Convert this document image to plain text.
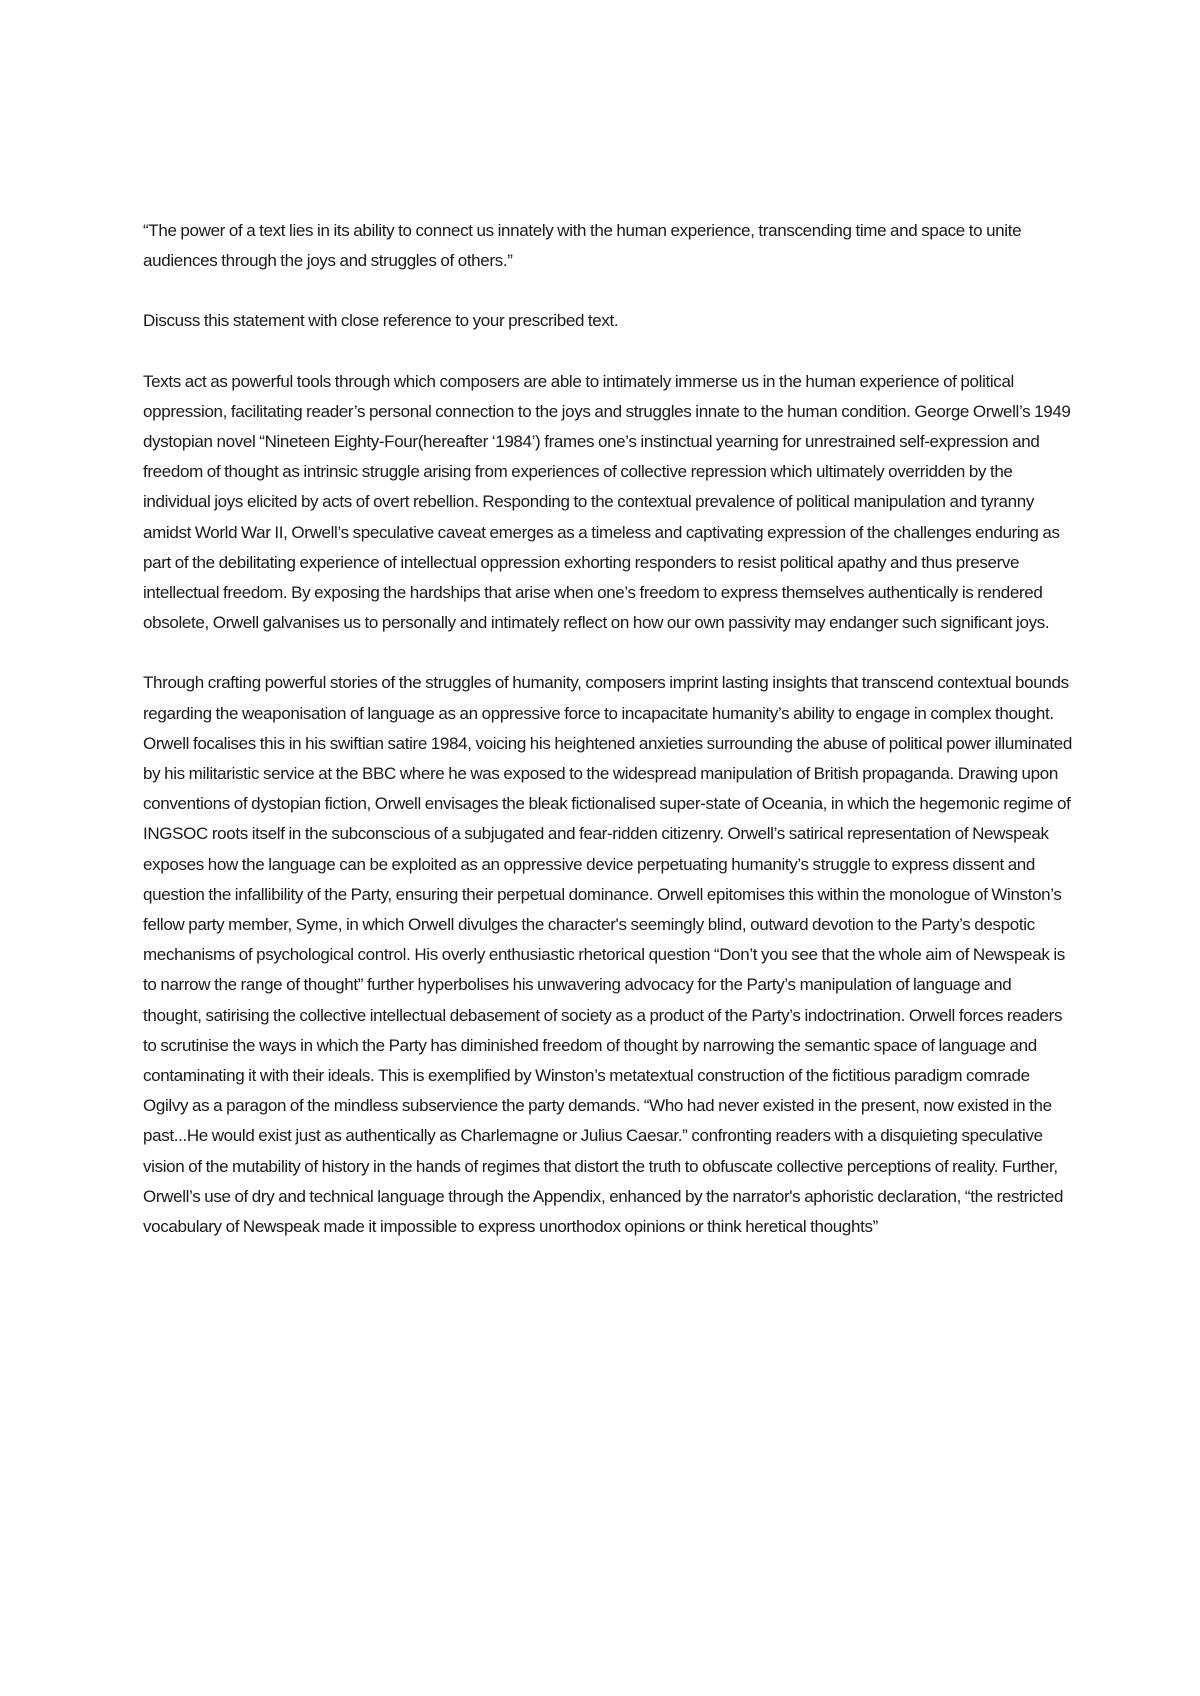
“The power of a text lies in its ability to connect us innately with the human experience, transcending time and space to unite audiences through the joys and struggles of others.”

Discuss this statement with close reference to your prescribed text.

Texts act as powerful tools through which composers are able to intimately immerse us in the human experience of political oppression, facilitating reader’s personal connection to the joys and struggles innate to the human condition. George Orwell’s 1949 dystopian novel “Nineteen Eighty-Four(hereafter ‘1984’) frames one’s instinctual yearning for unrestrained self-expression and freedom of thought as intrinsic struggle arising from experiences of collective repression which ultimately overridden by the individual joys elicited by acts of overt rebellion. Responding to the contextual prevalence of political manipulation and tyranny amidst World War II, Orwell’s speculative caveat emerges as a timeless and captivating expression of the challenges enduring as part of the debilitating experience of intellectual oppression exhorting responders to resist political apathy and thus preserve intellectual freedom. By exposing the hardships that arise when one’s freedom to express themselves authentically is rendered obsolete, Orwell galvanises us to personally and intimately reflect on how our own passivity may endanger such significant joys.

Through crafting powerful stories of the struggles of humanity, composers imprint lasting insights that transcend contextual bounds regarding the weaponisation of language as an oppressive force to incapacitate humanity’s ability to engage in complex thought. Orwell focalises this in his swiftian satire 1984, voicing his heightened anxieties surrounding the abuse of political power illuminated by his militaristic service at the BBC where he was exposed to the widespread manipulation of British propaganda. Drawing upon conventions of dystopian fiction, Orwell envisages the bleak fictionalised super-state of Oceania, in which the hegemonic regime of INGSOC roots itself in the subconscious of a subjugated and fear-ridden citizenry. Orwell’s satirical representation of Newspeak exposes how the language can be exploited as an oppressive device perpetuating humanity’s struggle to express dissent and question the infallibility of the Party, ensuring their perpetual dominance. Orwell epitomises this within the monologue of Winston’s fellow party member, Syme, in which Orwell divulges the character's seemingly blind, outward devotion to the Party’s despotic mechanisms of psychological control. His overly enthusiastic rhetorical question “Don’t you see that the whole aim of Newspeak is to narrow the range of thought” further hyperbolises his unwavering advocacy for the Party’s manipulation of language and thought, satirising the collective intellectual debasement of society as a product of the Party’s indoctrination. Orwell forces readers to scrutinise the ways in which the Party has diminished freedom of thought by narrowing the semantic space of language and contaminating it with their ideals. This is exemplified by Winston’s metatextual construction of the fictitious paradigm comrade Ogilvy as a paragon of the mindless subservience the party demands. “Who had never existed in the present, now existed in the past...He would exist just as authentically as Charlemagne or Julius Caesar.” confronting readers with a disquieting speculative vision of the mutability of history in the hands of regimes that distort the truth to obfuscate collective perceptions of reality. Further, Orwell’s use of dry and technical language through the Appendix, enhanced by the narrator's aphoristic declaration, “the restricted vocabulary of Newspeak made it impossible to express unorthodox opinions or think heretical thoughts”
